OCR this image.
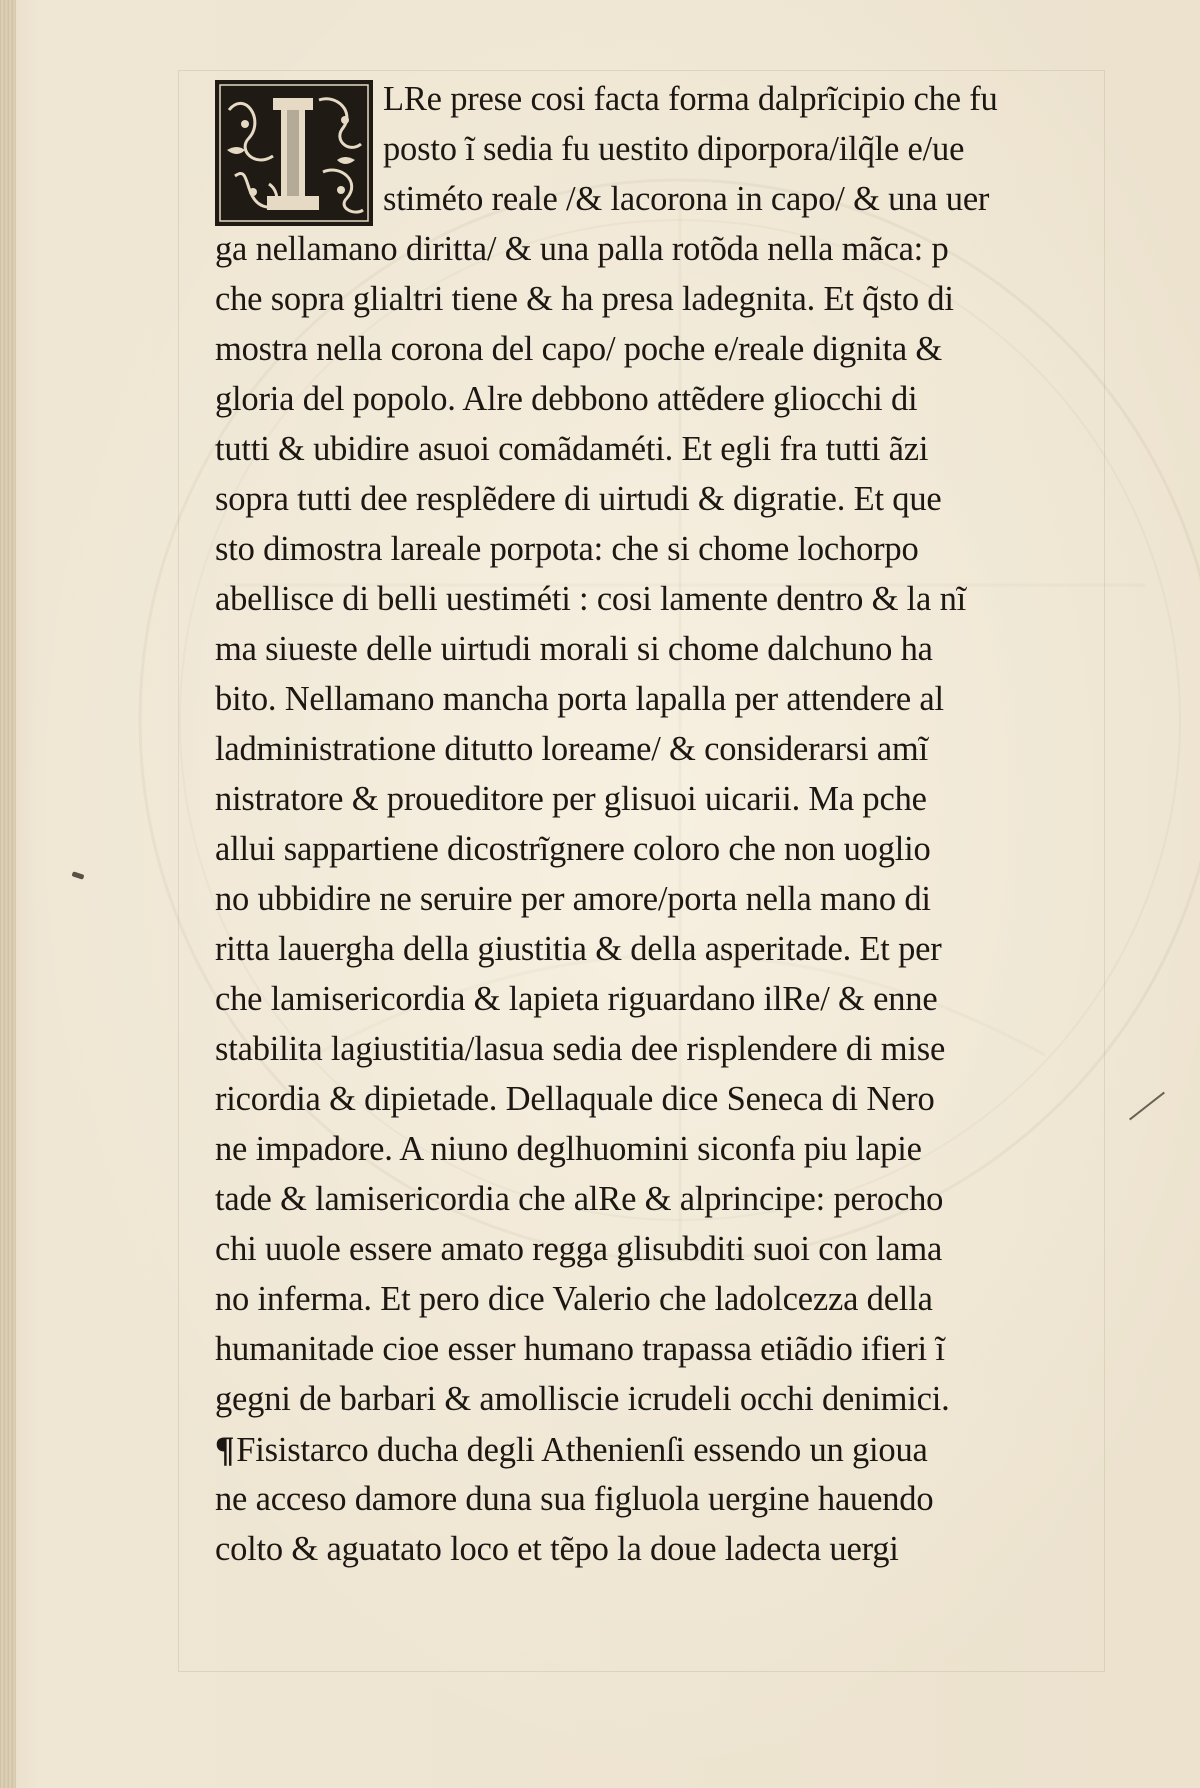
LRe prese cosi facta forma dalprĩcipio che fu
posto ĩ sedia fu uestito diporpora/ilq̃le e/ue
stiméto reale /& lacorona in capo/ & una uer
ga nellamano diritta/ & una palla rotõda nella mãca: p
che sopra glialtri tiene & ha presa ladegnita. Et q̃sto di
mostra nella corona del capo/ poche e/reale dignita &
gloria del popolo. Alre debbono attẽdere gliocchi di
tutti & ubidire asuoi comãdaméti. Et egli fra tutti ãzi
sopra tutti dee resplẽdere di uirtudi & digratie. Et que
sto dimostra lareale porpota: che si chome lochorpo
abellisce di belli uestiméti : cosi lamente dentro & la nĩ
ma siueste delle uirtudi morali si chome dalchuno ha
bito. Nellamano mancha porta lapalla per attendere al
ladministratione ditutto loreame/ & considerarsi amĩ
nistratore & proueditore per glisuoi uicarii. Ma pche
allui sappartiene dicostrĩgnere coloro che non uoglio
no ubbidire ne seruire per amore/porta nella mano di
ritta lauergha della giustitia & della asperitade. Et per
che lamisericordia & lapieta riguardano ilRe/ & enne
stabilita lagiustitia/lasua sedia dee risplendere di mise
ricordia & dipietade. Dellaquale dice Seneca di Nero
ne impadore. A niuno deglhuomini siconfa piu lapie
tade & lamisericordia che alRe & alprincipe: perocho
chi uuole essere amato regga glisubditi suoi con lama
no inferma. Et pero dice Valerio che ladolcezza della
humanitade cioe esser humano trapassa etiãdio ifieri ĩ
gegni de barbari & amolliscie icrudeli occhi denimici.
¶Fisistarco ducha degli Athenienſi essendo un gioua
ne acceso damore duna sua figluola uergine hauendo
colto & aguatato loco et tẽpo la doue ladecta uergi
